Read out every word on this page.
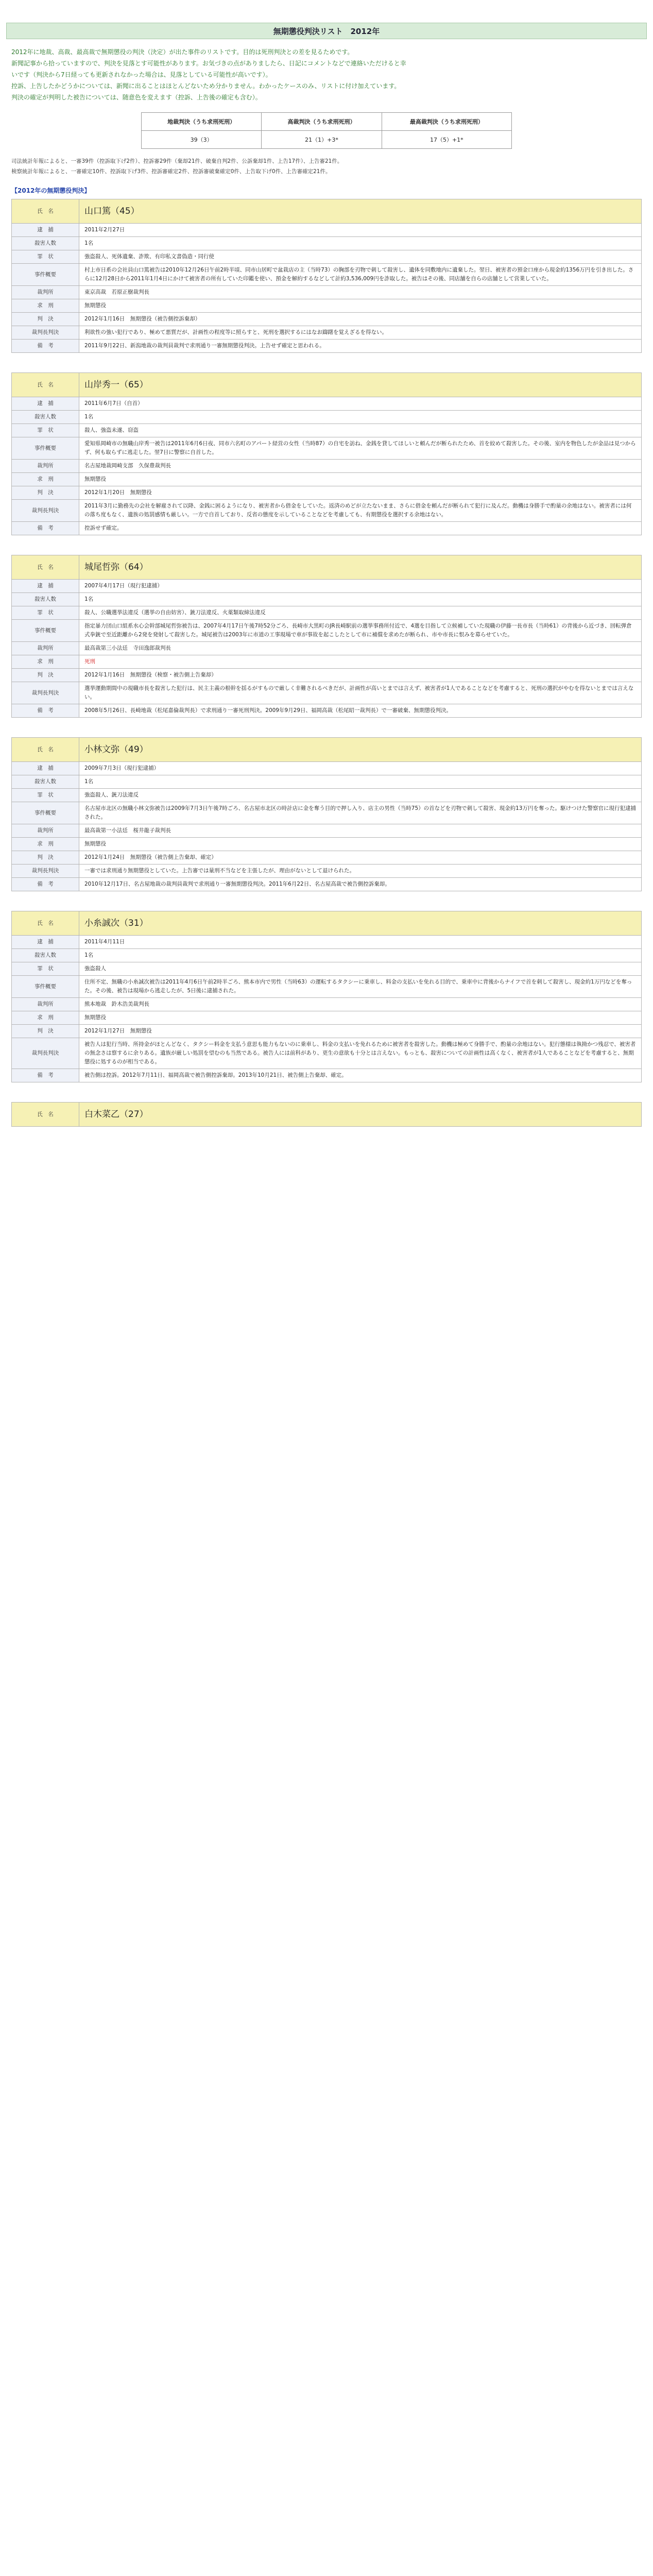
無期懲役判決リスト　2012年
2012年に地裁、高裁、最高裁で無期懲役の判決（決定）が出た事件のリストです。目的は死刑判決との差を見るためです。
新聞記事から拾っていますので、判決を見落とす可能性があります。お気づきの点がありましたら、日記にコメントなどで連絡いただけると幸
いです（判決から7日経っても更新されなかった場合は、見落としている可能性が高いです）。
控訴、上告したかどうかについては、新聞に出ることはほとんどないため分かりません。わかったケースのみ、リストに付け加えています。
判決の確定が判明した被告については、随意色を変えます（控訴、上告後の確定も含む）。
地裁判決（うち求刑死刑）	高裁判決（うち求刑死刑）	最高裁判決（うち求刑死刑）
39（3）	21（1）+3*	17（5）+1*
司法統計年報によると、一審39件（控訴取下げ2件）、控訴審29件（棄却21件、破棄自判2件、公訴棄却1件、上告17件）、上告審21件。
検察統計年報によると、一審確定10件、控訴取下げ3件、控訴審確定2件、控訴審破棄確定0件、上告取下げ0件、上告審確定21件。
【2012年の無期懲役判決】
氏　名	山口篤（45）
逮　捕	2011年2月27日
殺害人数	1名
罪　状	強盗殺人、死体遺棄、詐欺、有印私文書偽造・同行使
事件概要	村上市日系の会社員山口篤被告は2010年12月26日午前2時半頃、同市山居町で盆栽店の主（当時73）の胸部を刃物で刺して殺害し、遺体を同敷地内に遺棄した。翌日、被害者の預金口座から現金約1356万円を引き出した。さらに12月28日から2011年1月4日にかけて被害者の所有していた印鑑を使い、預金を解約するなどして計約3,536,009円を詐取した。被告はその後、同店舗を自らの店舗として営業していた。
裁判所	東京高裁　若原正樹裁判長
求　刑	無期懲役
判　決	2012年1月16日　無期懲役（被告側控訴棄却）
裁判長判決	利欲性の強い犯行であり、極めて悪質だが、計画性の程度等に照らすと、死刑を選択するにはなお躊躇を覚えざるを得ない。
備　考	2011年9月22日、新潟地裁の裁判員裁判で求刑通り一審無期懲役判決。上告せず確定と思われる。
氏　名	山岸秀一（65）
逮　捕	2011年6月7日（自首）
殺害人数	1名
罪　状	殺人、強盗未遂、窃盗
事件概要	愛知県岡崎市の無職山岸秀一被告は2011年6月6日夜、同市六名町のアパート経営の女性（当時87）の自宅を訪ね、金銭を貸してほしいと頼んだが断られたため、首を絞めて殺害した。その後、室内を物色したが金品は見つからず、何も取らずに逃走した。翌7日に警察に自首した。
裁判所	名古屋地裁岡崎支部　久保豊裁判長
求　刑	無期懲役
判　決	2012年1月20日　無期懲役
裁判長判決	2011年3月に勤務先の会社を解雇されて以降、金銭に困るようになり、被害者から借金をしていた。返済のめどが立たないまま、さらに借金を頼んだが断られて犯行に及んだ。動機は身勝手で酌量の余地はない。被害者には何の落ち度もなく、遺族の処罰感情も厳しい。一方で自首しており、反省の態度を示していることなどを考慮しても、有期懲役を選択する余地はない。
備　考	控訴せず確定。
氏　名	城尾哲弥（64）
逮　捕	2007年4月17日（現行犯逮捕）
殺害人数	1名
罪　状	殺人、公職選挙法違反（選挙の自由妨害）、銃刀法違反、火薬類取締法違反
事件概要	指定暴力団山口組系水心会幹部城尾哲弥被告は、2007年4月17日午後7時52分ごろ、長崎市大黒町のJR長崎駅前の選挙事務所付近で、4選を目指して立候補していた現職の伊藤一長市長（当時61）の背後から近づき、回転弾倉式拳銃で至近距離から2発を発射して殺害した。城尾被告は2003年に市道の工事現場で車が事故を起こしたとして市に補償を求めたが断られ、市や市長に恨みを募らせていた。
裁判所	最高裁第三小法廷　寺田逸郎裁判長
求　刑	死刑
判　決	2012年1月16日　無期懲役（検察・被告側上告棄却）
裁判長判決	選挙運動期間中の現職市長を殺害した犯行は、民主主義の根幹を揺るがすもので厳しく非難されるべきだが、計画性が高いとまでは言えず、被害者が1人であることなどを考慮すると、死刑の選択がやむを得ないとまでは言えない。
備　考	2008年5月26日、長崎地裁（松尾嘉倫裁判長）で求刑通り一審死刑判決。2009年9月29日、福岡高裁（松尾昭一裁判長）で一審破棄、無期懲役判決。
氏　名	小林文弥（49）
逮　捕	2009年7月3日（現行犯逮捕）
殺害人数	1名
罪　状	強盗殺人、銃刀法違反
事件概要	名古屋市北区の無職小林文弥被告は2009年7月3日午後7時ごろ、名古屋市北区の時計店に金を奪う目的で押し入り、店主の男性（当時75）の首などを刃物で刺して殺害、現金約13万円を奪った。駆けつけた警察官に現行犯逮捕された。
裁判所	最高裁第一小法廷　桜井龍子裁判長
求　刑	無期懲役
判　決	2012年1月24日　無期懲役（被告側上告棄却、確定）
裁判長判決	一審では求刑通り無期懲役としていた。上告審では量刑不当などを主張したが、理由がないとして退けられた。
備　考	2010年12月17日、名古屋地裁の裁判員裁判で求刑通り一審無期懲役判決。2011年6月22日、名古屋高裁で被告側控訴棄却。
氏　名	小糸誠次（31）
逮　捕	2011年4月11日
殺害人数	1名
罪　状	強盗殺人
事件概要	住所不定、無職の小糸誠次被告は2011年4月6日午前2時半ごろ、熊本市内で男性（当時63）の運転するタクシーに乗車し、料金の支払いを免れる目的で、乗車中に背後からナイフで首を刺して殺害し、現金約1万円などを奪った。その後、被告は現場から逃走したが、5日後に逮捕された。
裁判所	熊本地裁　鈴木浩美裁判長
求　刑	無期懲役
判　決	2012年1月27日　無期懲役
裁判長判決	被告人は犯行当時、所持金がほとんどなく、タクシー料金を支払う意思も能力もないのに乗車し、料金の支払いを免れるために被害者を殺害した。動機は極めて身勝手で、酌量の余地はない。犯行態様は執拗かつ残忍で、被害者の無念さは察するに余りある。遺族が厳しい処罰を望むのも当然である。被告人には前科があり、更生の意欲も十分とは言えない。もっとも、殺害についての計画性は高くなく、被害者が1人であることなどを考慮すると、無期懲役に処するのが相当である。
備　考	被告側は控訴。2012年7月11日、福岡高裁で被告側控訴棄却。2013年10月21日、被告側上告棄却、確定。
氏　名	白木菜乙（27）
